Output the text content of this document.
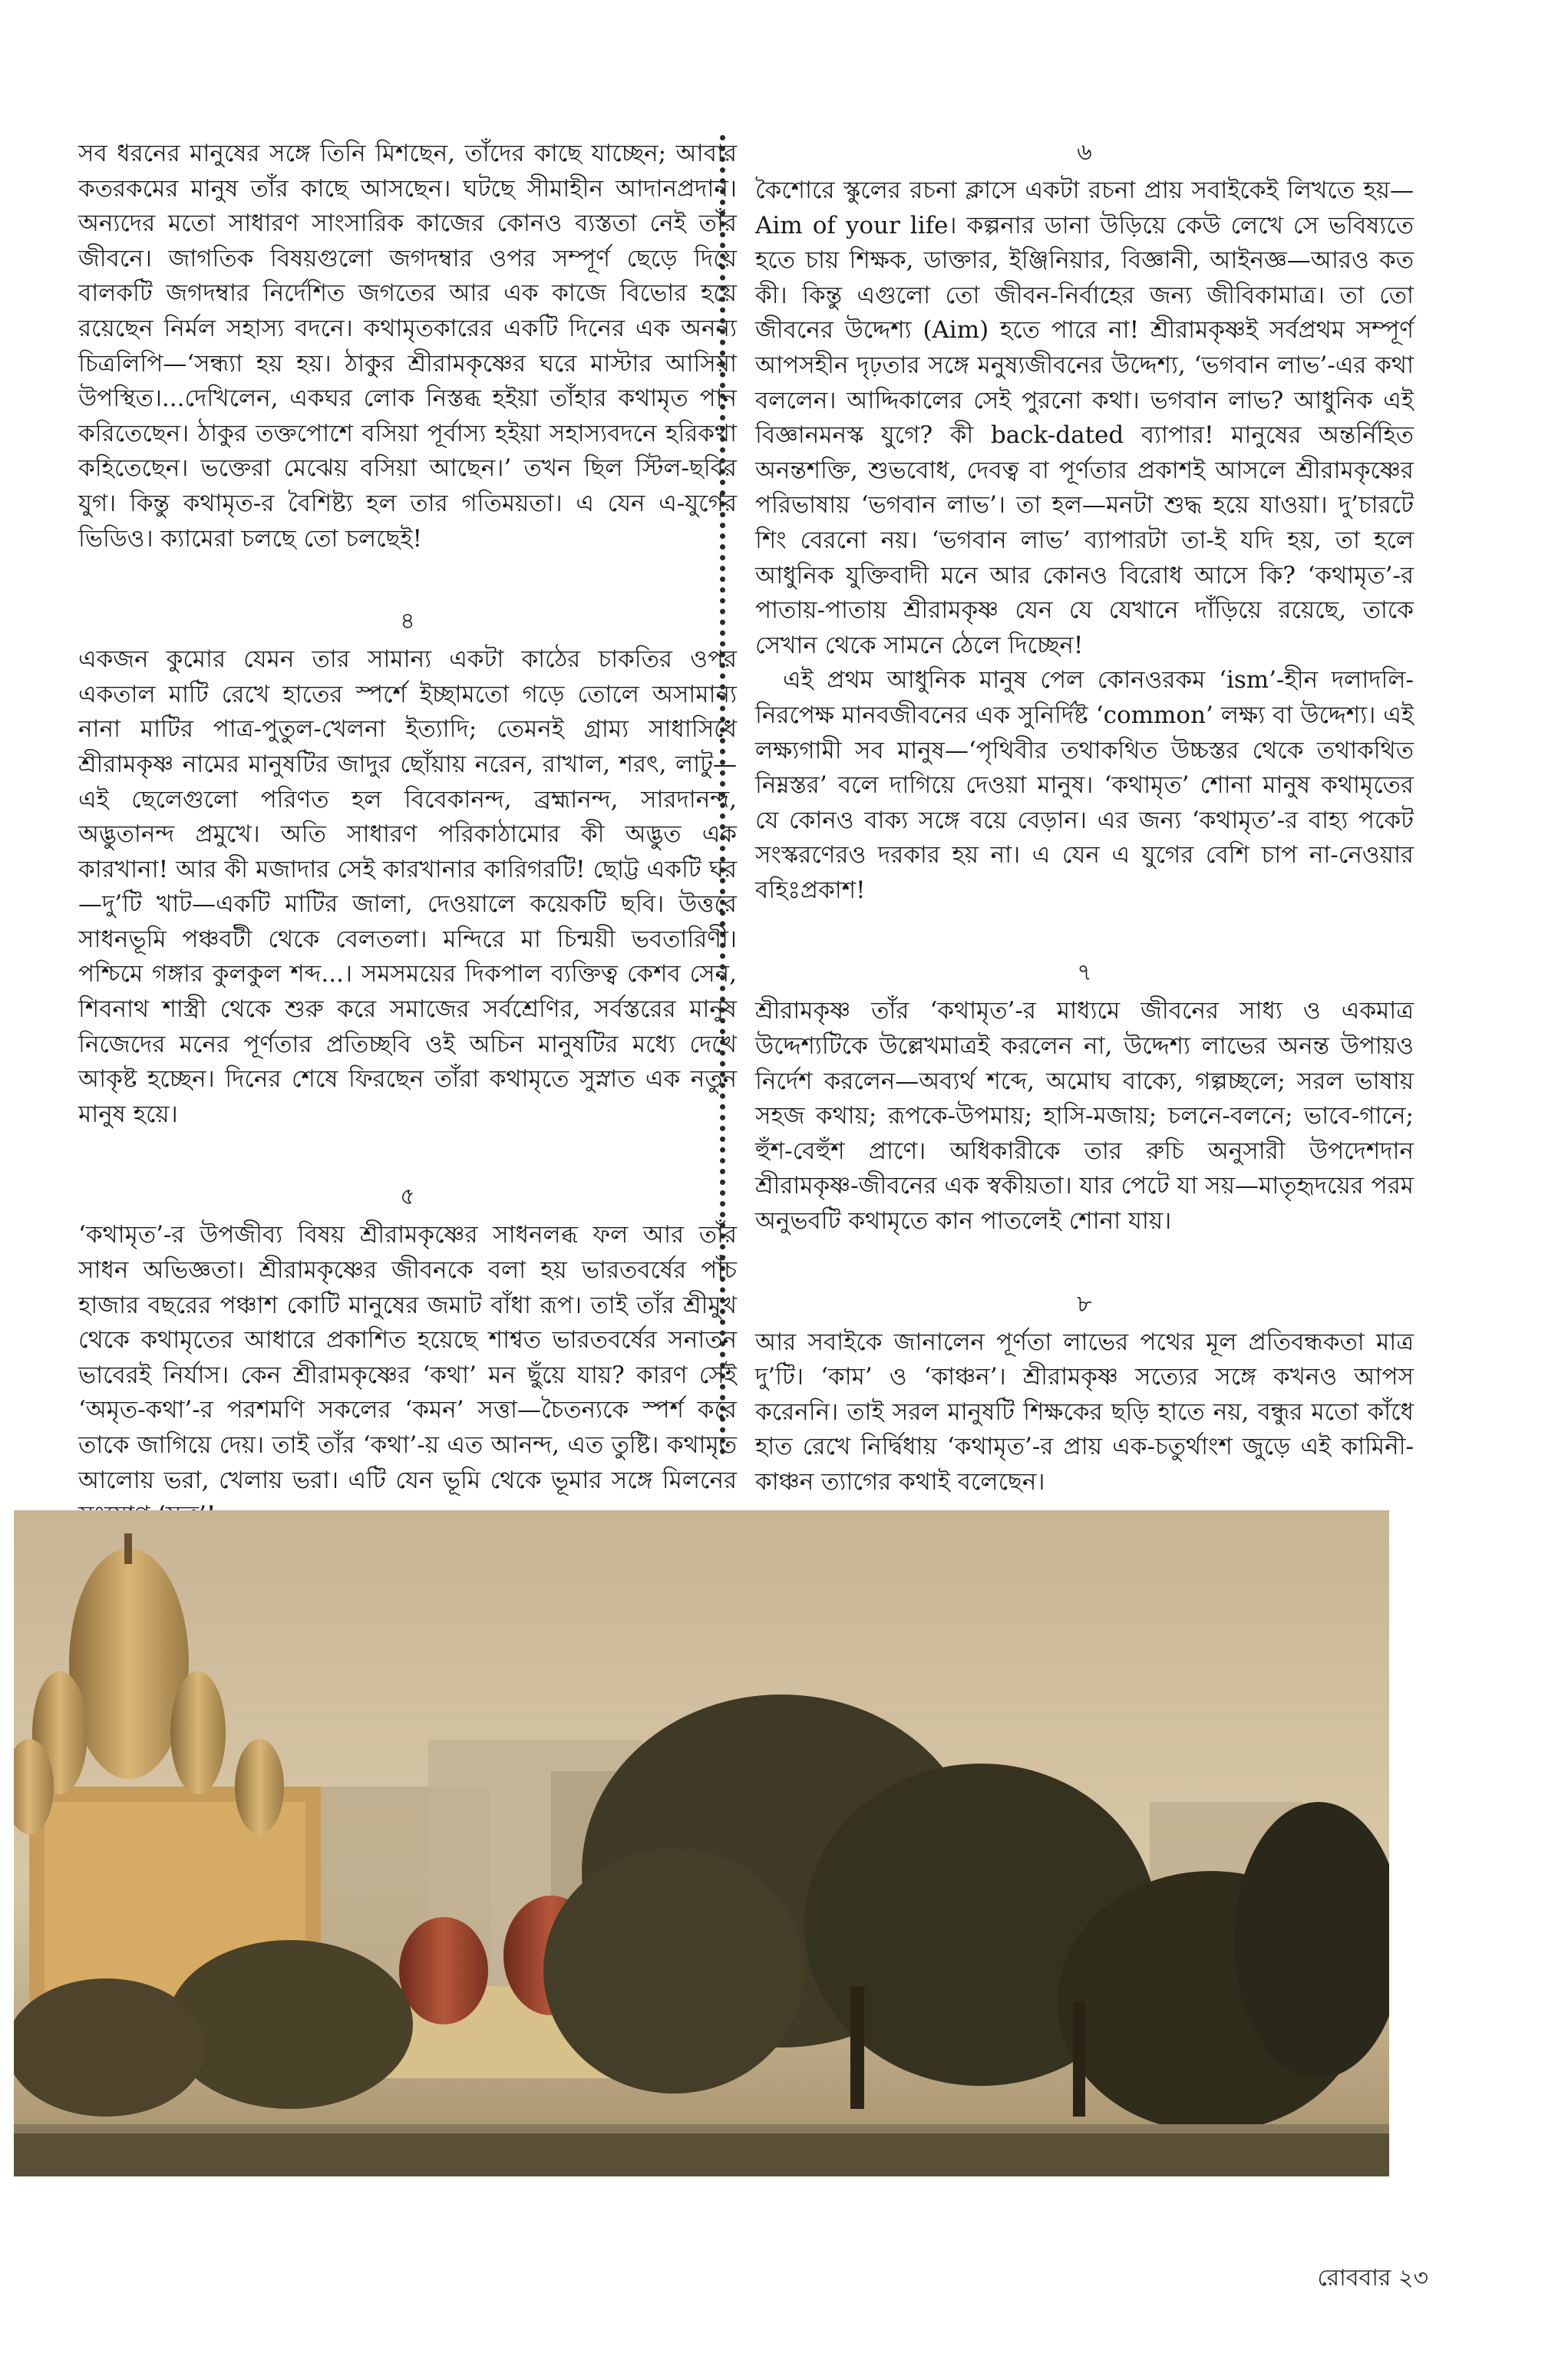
সব ধরনের মানুষের সঙ্গে তিনি মিশছেন, তাঁদের কাছে যাচ্ছেন; আবার কতরকমের মানুষ তাঁর কাছে আসছেন। ঘটছে সীমাহীন আদানপ্রদান। অন্যদের মতো সাধারণ সাংসারিক কাজের কোনও ব্যস্ততা নেই তাঁর জীবনে। জাগতিক বিষয়গুলো জগদম্বার ওপর সম্পূর্ণ ছেড়ে দিয়ে বালকটি জগদম্বার নির্দেশিত জগতের আর এক কাজে বিভোর হয়ে রয়েছেন নির্মল সহাস্য বদনে। কথামৃতকারের একটি দিনের এক অনন্য চিত্রলিপি—‘সন্ধ্যা হয় হয়। ঠাকুর শ্রীরামকৃষ্ণের ঘরে মাস্টার আসিয়া উপস্থিত।...দেখিলেন, একঘর লোক নিস্তব্ধ হইয়া তাঁহার কথামৃত পান করিতেছেন। ঠাকুর তক্তপোশে বসিয়া পূর্বাস্য হইয়া সহাস্যবদনে হরিকথা কহিতেছেন। ভক্তেরা মেঝেয় বসিয়া আছেন।’ তখন ছিল স্টিল-ছবির যুগ। কিন্তু কথামৃত-র বৈশিষ্ট্য হল তার গতিময়তা। এ যেন এ-যুগের ভিডিও। ক্যামেরা চলছে তো চলছেই!

৪

একজন কুমোর যেমন তার সামান্য একটা কাঠের চাকতির ওপর একতাল মাটি রেখে হাতের স্পর্শে ইচ্ছামতো গড়ে তোলে অসামান্য নানা মাটির পাত্র-পুতুল-খেলনা ইত্যাদি; তেমনই গ্রাম্য সাধাসিধে শ্রীরামকৃষ্ণ নামের মানুষটির জাদুর ছোঁয়ায় নরেন, রাখাল, শরৎ, লাটু—এই ছেলেগুলো পরিণত হল বিবেকানন্দ, ব্রহ্মানন্দ, সারদানন্দ, অদ্ভুতানন্দ প্রমুখে। অতি সাধারণ পরিকাঠামোর কী অদ্ভুত এক কারখানা! আর কী মজাদার সেই কারখানার কারিগরটি! ছোট্ট একটি ঘর—দু’টি খাট—একটি মাটির জালা, দেওয়ালে কয়েকটি ছবি। উত্তরে সাধনভূমি পঞ্চবটী থেকে বেলতলা। মন্দিরে মা চিন্ময়ী ভবতারিণী। পশ্চিমে গঙ্গার কুলকুল শব্দ...। সমসময়ের দিকপাল ব্যক্তিত্ব কেশব সেন, শিবনাথ শাস্ত্রী থেকে শুরু করে সমাজের সর্বশ্রেণির, সর্বস্তরের মানুষ নিজেদের মনের পূর্ণতার প্রতিচ্ছবি ওই অচিন মানুষটির মধ্যে দেখে আকৃষ্ট হচ্ছেন। দিনের শেষে ফিরছেন তাঁরা কথামৃতে সুস্নাত এক নতুন মানুষ হয়ে।

৫

‘কথামৃত’-র উপজীব্য বিষয় শ্রীরামকৃষ্ণের সাধনলব্ধ ফল আর তাঁর সাধন অভিজ্ঞতা। শ্রীরামকৃষ্ণের জীবনকে বলা হয় ভারতবর্ষের পাঁচ হাজার বছরের পঞ্চাশ কোটি মানুষের জমাট বাঁধা রূপ। তাই তাঁর শ্রীমুখ থেকে কথামৃতের আধারে প্রকাশিত হয়েছে শাশ্বত ভারতবর্ষের সনাতন ভাবেরই নির্যাস। কেন শ্রীরামকৃষ্ণের ‘কথা’ মন ছুঁয়ে যায়? কারণ সেই ‘অমৃত-কথা’-র পরশমণি সকলের ‘কমন’ সত্তা—চৈতন্যকে স্পর্শ করে তাকে জাগিয়ে দেয়। তাই তাঁর ‘কথা’-য় এত আনন্দ, এত তুষ্টি। কথামৃত আলোয় ভরা, খেলায় ভরা। এটি যেন ভূমি থেকে ভূমার সঙ্গে মিলনের

৬

কৈশোরে স্কুলের রচনা ক্লাসে একটা রচনা প্রায় সবাইকেই লিখতে হয়—Aim of your life। কল্পনার ডানা উড়িয়ে কেউ লেখে সে ভবিষ্যতে হতে চায় শিক্ষক, ডাক্তার, ইঞ্জিনিয়ার, বিজ্ঞানী, আইনজ্ঞ—আরও কত কী। কিন্তু এগুলো তো জীবন-নির্বাহের জন্য জীবিকামাত্র। তা তো জীবনের উদ্দেশ্য (Aim) হতে পারে না! শ্রীরামকৃষ্ণই সর্বপ্রথম সম্পূর্ণ আপসহীন দৃঢ়তার সঙ্গে মনুষ্যজীবনের উদ্দেশ্য, ‘ভগবান লাভ’-এর কথা বললেন। আদ্দিকালের সেই পুরনো কথা। ভগবান লাভ? আধুনিক এই বিজ্ঞানমনস্ক যুগে? কী back-dated ব্যাপার! মানুষের অন্তর্নিহিত অনন্তশক্তি, শুভবোধ, দেবত্ব বা পূর্ণতার প্রকাশই আসলে শ্রীরামকৃষ্ণের পরিভাষায় ‘ভগবান লাভ’। তা হল—মনটা শুদ্ধ হয়ে যাওয়া। দু’চারটে শিং বেরনো নয়। ‘ভগবান লাভ’ ব্যাপারটা তা-ই যদি হয়, তা হলে আধুনিক যুক্তিবাদী মনে আর কোনও বিরোধ আসে কি? ‘কথামৃত’-র পাতায়-পাতায় শ্রীরামকৃষ্ণ যেন যে যেখানে দাঁড়িয়ে রয়েছে, তাকে সেখান থেকে সামনে ঠেলে দিচ্ছেন!

এই প্রথম আধুনিক মানুষ পেল কোনওরকম ‘ism’-হীন দলাদলি-নিরপেক্ষ মানবজীবনের এক সুনির্দিষ্ট ‘common’ লক্ষ্য বা উদ্দেশ্য। এই লক্ষ্যগামী সব মানুষ—‘পৃথিবীর তথাকথিত উচ্চস্তর থেকে তথাকথিত নিম্নস্তর’ বলে দাগিয়ে দেওয়া মানুষ। ‘কথামৃত’ শোনা মানুষ কথামৃতের যে কোনও বাক্য সঙ্গে বয়ে বেড়ান। এর জন্য ‘কথামৃত’-র বাহ্য পকেট সংস্করণেরও দরকার হয় না। এ যেন এ যুগের বেশি চাপ না-নেওয়ার বহিঃপ্রকাশ!

৭

শ্রীরামকৃষ্ণ তাঁর ‘কথামৃত’-র মাধ্যমে জীবনের সাধ্য ও একমাত্র উদ্দেশ্যটিকে উল্লেখমাত্রই করলেন না, উদ্দেশ্য লাভের অনন্ত উপায়ও নির্দেশ করলেন—অব্যর্থ শব্দে, অমোঘ বাক্যে, গল্পচ্ছলে; সরল ভাষায় সহজ কথায়; রূপকে-উপমায়; হাসি-মজায়; চলনে-বলনে; ভাবে-গানে; হুঁশ-বেহুঁশ প্রাণে। অধিকারীকে তার রুচি অনুসারী উপদেশদান শ্রীরামকৃষ্ণ-জীবনের এক স্বকীয়তা। যার পেটে যা সয়—মাতৃহৃদয়ের পরম অনুভবটি কথামৃতে কান পাতলেই শোনা যায়।

৮

আর সবাইকে জানালেন পূর্ণতা লাভের পথের মূল প্রতিবন্ধকতা মাত্র দু’টি। ‘কাম’ ও ‘কাঞ্চন’। শ্রীরামকৃষ্ণ সত্যের সঙ্গে কখনও আপস করেননি। তাই সরল মানুষটি শিক্ষকের ছড়ি হাতে নয়, বন্ধুর মতো কাঁধে হাত রেখে নির্দ্বিধায় ‘কথামৃত’-র প্রায় এক-চতুর্থাংশ জুড়ে এই কামিনী-কাঞ্চন ত্যাগের কথাই বলেছেন।

রোববার ২৩
